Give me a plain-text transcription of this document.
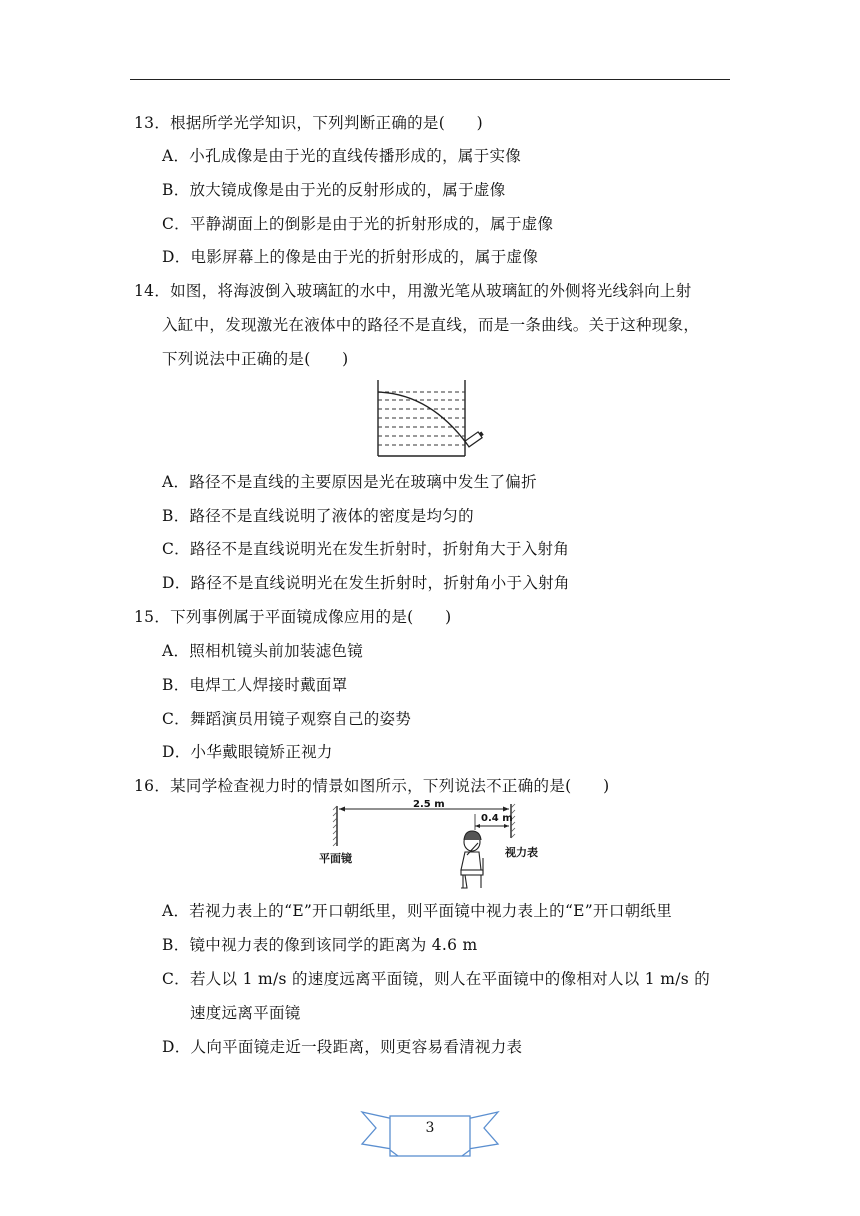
13．根据所学光学知识，下列判断正确的是(　　)
A．小孔成像是由于光的直线传播形成的，属于实像
B．放大镜成像是由于光的反射形成的，属于虚像
C．平静湖面上的倒影是由于光的折射形成的，属于虚像
D．电影屏幕上的像是由于光的折射形成的，属于虚像
14．如图，将海波倒入玻璃缸的水中，用激光笔从玻璃缸的外侧将光线斜向上射
入缸中，发现激光在液体中的路径不是直线，而是一条曲线。关于这种现象，
下列说法中正确的是(　　)
A．路径不是直线的主要原因是光在玻璃中发生了偏折
B．路径不是直线说明了液体的密度是均匀的
C．路径不是直线说明光在发生折射时，折射角大于入射角
D．路径不是直线说明光在发生折射时，折射角小于入射角
15．下列事例属于平面镜成像应用的是(　　)
A．照相机镜头前加装滤色镜
B．电焊工人焊接时戴面罩
C．舞蹈演员用镜子观察自己的姿势
D．小华戴眼镜矫正视力
16．某同学检查视力时的情景如图所示，下列说法不正确的是(　　)
2.5 m
0.4 m
平面镜	视力表
A．若视力表上的“E”开口朝纸里，则平面镜中视力表上的“E”开口朝纸里
B．镜中视力表的像到该同学的距离为 4.6 m
C．若人以 1 m/s 的速度远离平面镜，则人在平面镜中的像相对人以 1 m/s 的
速度远离平面镜
D．人向平面镜走近一段距离，则更容易看清视力表
3
